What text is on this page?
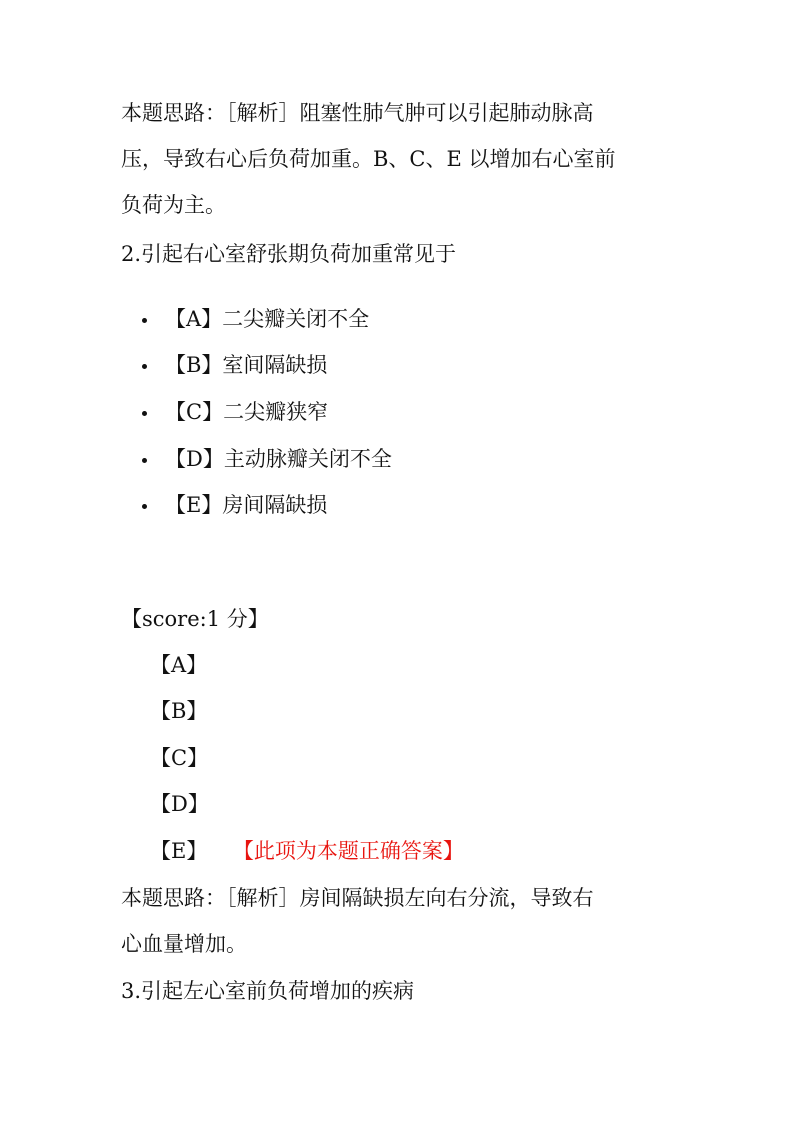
本题思路：［解析］阻塞性肺气肿可以引起肺动脉高
压，导致右心后负荷加重。B、C、E 以增加右心室前
负荷为主。

2.引起右心室舒张期负荷加重常见于

【A】二尖瓣关闭不全
【B】室间隔缺损
【C】二尖瓣狭窄
【D】主动脉瓣关闭不全
【E】房间隔缺损
【score:1 分】
【A】
【B】
【C】
【D】
【E】 【此项为本题正确答案】

本题思路：［解析］房间隔缺损左向右分流，导致右
心血量增加。

3.引起左心室前负荷增加的疾病
